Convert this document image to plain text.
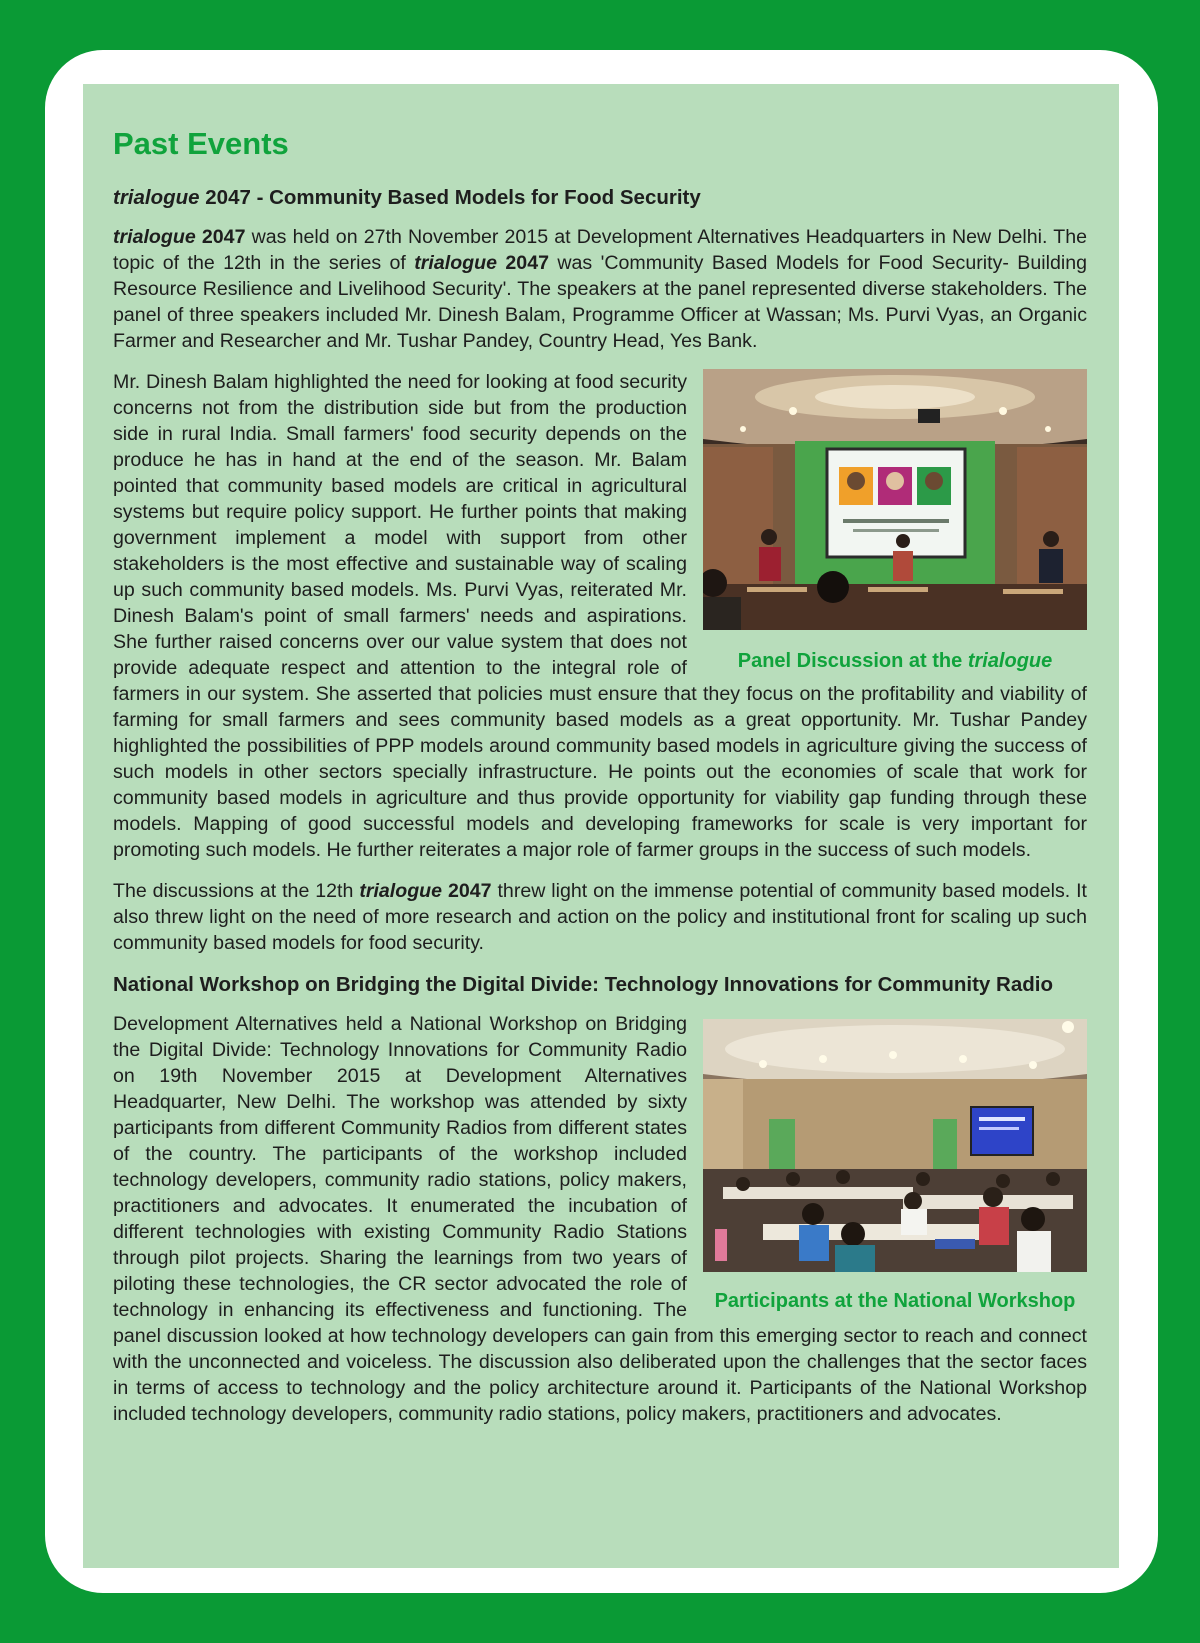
Past Events
trialogue 2047 - Community Based Models for Food Security

trialogue 2047 was held on 27th November 2015 at Development Alternatives Headquarters in New Delhi. The topic of the 12th in the series of trialogue 2047 was 'Community Based Models for Food Security- Building Resource Resilience and Livelihood Security'. The speakers at the panel represented diverse stakeholders. The panel of three speakers included Mr. Dinesh Balam, Programme Officer at Wassan; Ms. Purvi Vyas, an Organic Farmer and Researcher and Mr. Tushar Pandey, Country Head, Yes Bank.

Panel Discussion at the trialogue

Mr. Dinesh Balam highlighted the need for looking at food security concerns not from the distribution side but from the production side in rural India. Small farmers' food security depends on the produce he has in hand at the end of the season. Mr. Balam pointed that community based models are critical in agricultural systems but require policy support. He further points that making government implement a model with support from other stakeholders is the most effective and sustainable way of scaling up such community based models. Ms. Purvi Vyas, reiterated Mr. Dinesh Balam's point of small farmers' needs and aspirations. She further raised concerns over our value system that does not provide adequate respect and attention to the integral role of farmers in our system. She asserted that policies must ensure that they focus on the profitability and viability of farming for small farmers and sees community based models as a great opportunity. Mr. Tushar Pandey highlighted the possibilities of PPP models around community based models in agriculture giving the success of such models in other sectors specially infrastructure. He points out the economies of scale that work for community based models in agriculture and thus provide opportunity for viability gap funding through these models. Mapping of good successful models and developing frameworks for scale is very important for promoting such models. He further reiterates a major role of farmer groups in the success of such models.

The discussions at the 12th trialogue 2047 threw light on the immense potential of community based models. It also threw light on the need of more research and action on the policy and institutional front for scaling up such community based models for food security.

National Workshop on Bridging the Digital Divide: Technology Innovations for Community Radio
Participants at the National Workshop

Development Alternatives held a National Workshop on Bridging the Digital Divide: Technology Innovations for Community Radio on 19th November 2015 at Development Alternatives Headquarter, New Delhi. The workshop was attended by sixty participants from different Community Radios from different states of the country. The participants of the workshop included technology developers, community radio stations, policy makers, practitioners and advocates. It enumerated the incubation of different technologies with existing Community Radio Stations through pilot projects. Sharing the learnings from two years of piloting these technologies, the CR sector advocated the role of technology in enhancing its effectiveness and functioning. The panel discussion looked at how technology developers can gain from this emerging sector to reach and connect with the unconnected and voiceless. The discussion also deliberated upon the challenges that the sector faces in terms of access to technology and the policy architecture around it. Participants of the National Workshop included technology developers, community radio stations, policy makers, practitioners and advocates.
